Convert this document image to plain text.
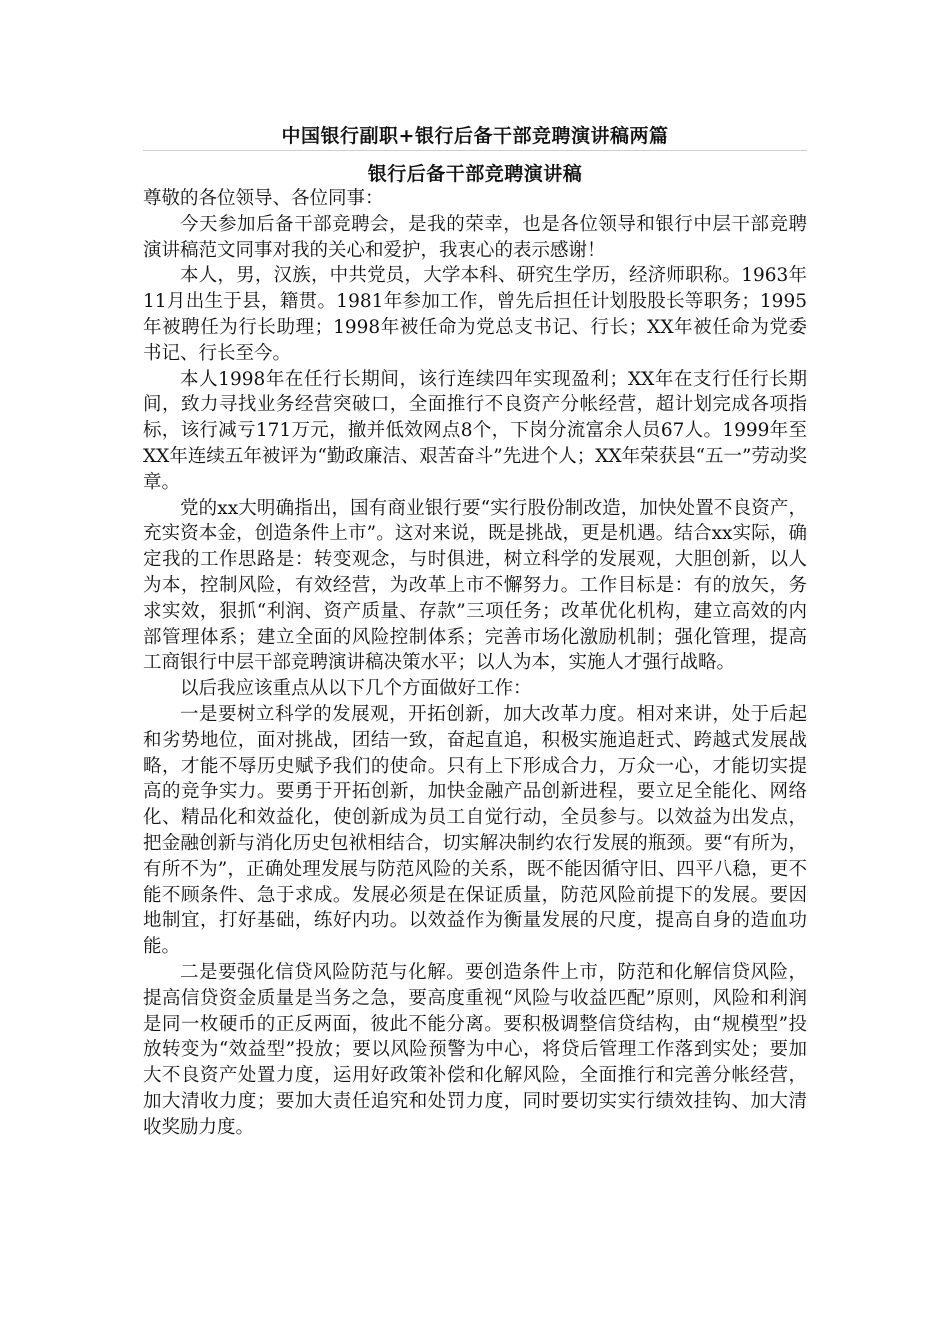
中国银行副职+银行后备干部竞聘演讲稿两篇
银行后备干部竞聘演讲稿

尊敬的各位领导、各位同事：

今天参加后备干部竞聘会，是我的荣幸，也是各位领导和银行中层干部竞聘演讲稿范文同事对我的关心和爱护，我衷心的表示感谢！

本人，男，汉族，中共党员，大学本科、研究生学历，经济师职称。1963年11月出生于县，籍贯。1981年参加工作，曾先后担任计划股股长等职务；1995年被聘任为行长助理；1998年被任命为党总支书记、行长；XX年被任命为党委书记、行长至今。

本人1998年在任行长期间，该行连续四年实现盈利；XX年在支行任行长期间，致力寻找业务经营突破口，全面推行不良资产分帐经营，超计划完成各项指标，该行减亏171万元，撤并低效网点8个，下岗分流富余人员67人。1999年至XX年连续五年被评为“勤政廉洁、艰苦奋斗”先进个人；XX年荣获县“五一”劳动奖章。

党的xx大明确指出，国有商业银行要“实行股份制改造，加快处置不良资产，充实资本金，创造条件上市”。这对来说，既是挑战，更是机遇。结合xx实际，确定我的工作思路是：转变观念，与时俱进，树立科学的发展观，大胆创新，以人为本，控制风险，有效经营，为改革上市不懈努力。工作目标是：有的放矢，务求实效，狠抓“利润、资产质量、存款”三项任务；改革优化机构，建立高效的内部管理体系；建立全面的风险控制体系；完善市场化激励机制；强化管理，提高工商银行中层干部竞聘演讲稿决策水平；以人为本，实施人才强行战略。

以后我应该重点从以下几个方面做好工作：

一是要树立科学的发展观，开拓创新，加大改革力度。相对来讲，处于后起和劣势地位，面对挑战，团结一致，奋起直追，积极实施追赶式、跨越式发展战略，才能不辱历史赋予我们的使命。只有上下形成合力，万众一心，才能切实提高的竞争实力。要勇于开拓创新，加快金融产品创新进程，要立足全能化、网络化、精品化和效益化，使创新成为员工自觉行动，全员参与。以效益为出发点，把金融创新与消化历史包袱相结合，切实解决制约农行发展的瓶颈。要“有所为，有所不为”，正确处理发展与防范风险的关系，既不能因循守旧、四平八稳，更不能不顾条件、急于求成。发展必须是在保证质量，防范风险前提下的发展。要因地制宜，打好基础，练好内功。以效益作为衡量发展的尺度，提高自身的造血功能。

二是要强化信贷风险防范与化解。要创造条件上市，防范和化解信贷风险，提高信贷资金质量是当务之急，要高度重视“风险与收益匹配”原则，风险和利润是同一枚硬币的正反两面，彼此不能分离。要积极调整信贷结构，由“规模型”投放转变为“效益型”投放；要以风险预警为中心，将贷后管理工作落到实处；要加大不良资产处置力度，运用好政策补偿和化解风险，全面推行和完善分帐经营，加大清收力度；要加大责任追究和处罚力度，同时要切实实行绩效挂钩、加大清收奖励力度。
